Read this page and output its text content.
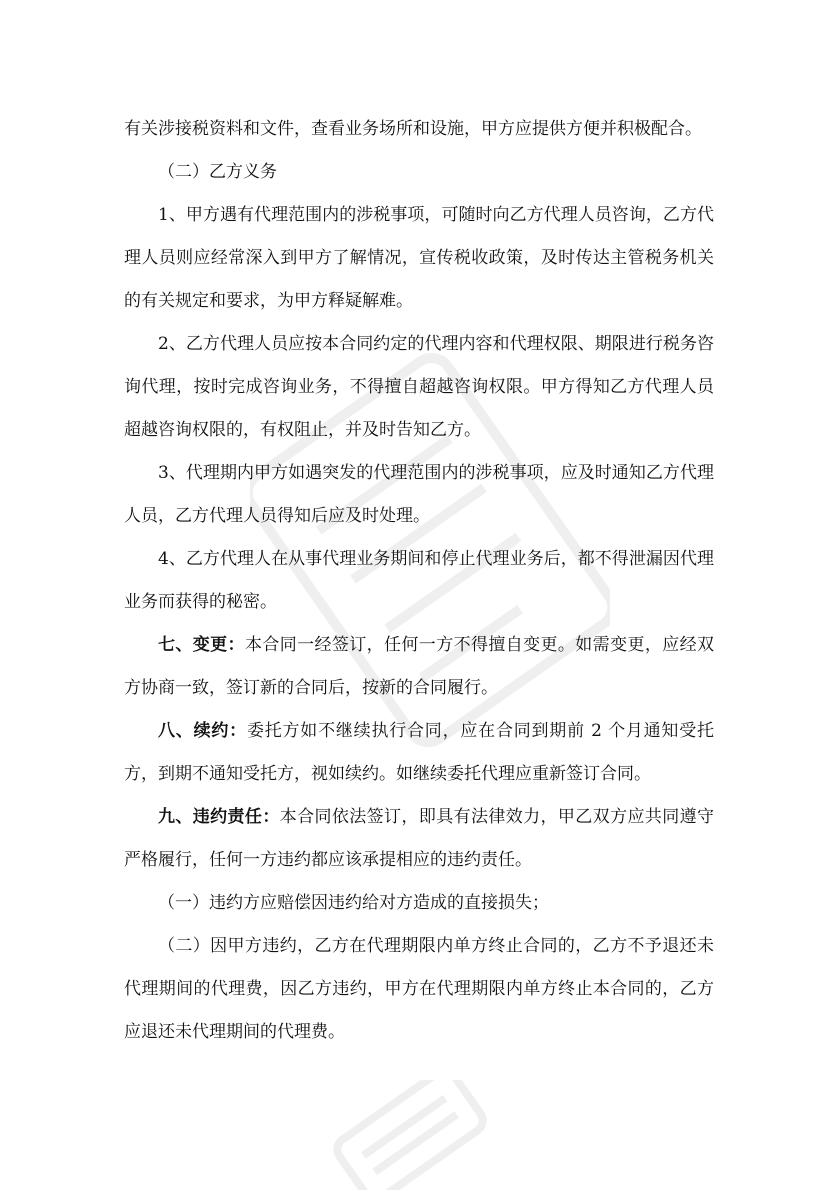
有关涉接税资料和文件，查看业务场所和设施，甲方应提供方便并积极配合。

（二）乙方义务

1、甲方遇有代理范围内的涉税事项，可随时向乙方代理人员咨询，乙方代理人员则应经常深入到甲方了解情况，宣传税收政策，及时传达主管税务机关的有关规定和要求，为甲方释疑解难。

2、乙方代理人员应按本合同约定的代理内容和代理权限、期限进行税务咨询代理，按时完成咨询业务，不得擅自超越咨询权限。甲方得知乙方代理人员超越咨询权限的，有权阻止，并及时告知乙方。

3、代理期内甲方如遇突发的代理范围内的涉税事项，应及时通知乙方代理人员，乙方代理人员得知后应及时处理。

4、乙方代理人在从事代理业务期间和停止代理业务后，都不得泄漏因代理业务而获得的秘密。

七、变更：本合同一经签订，任何一方不得擅自变更。如需变更，应经双方协商一致，签订新的合同后，按新的合同履行。

八、续约：委托方如不继续执行合同，应在合同到期前 2 个月通知受托方，到期不通知受托方，视如续约。如继续委托代理应重新签订合同。

九、违约责任：本合同依法签订，即具有法律效力，甲乙双方应共同遵守严格履行，任何一方违约都应该承提相应的违约责任。

（一）违约方应赔偿因违约给对方造成的直接损失；

（二）因甲方违约，乙方在代理期限内单方终止合同的，乙方不予退还未代理期间的代理费，因乙方违约，甲方在代理期限内单方终止本合同的，乙方应退还未代理期间的代理费。
